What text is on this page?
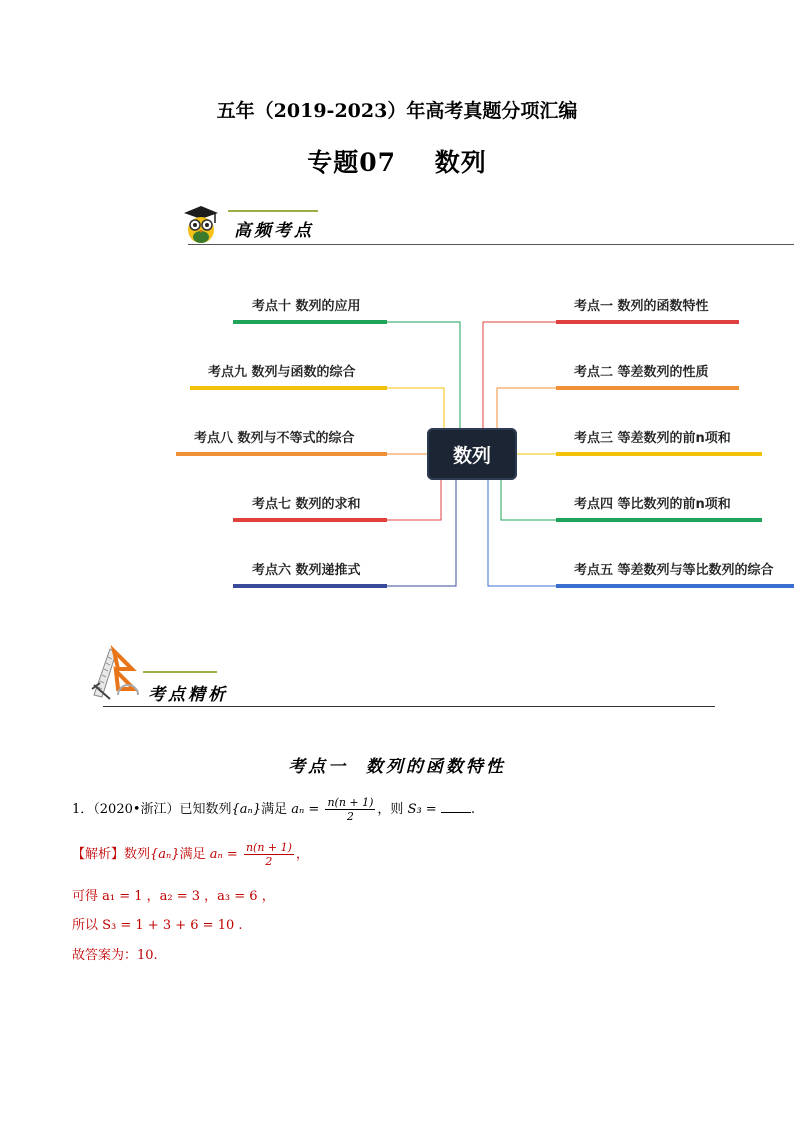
五年（2019-2023）年高考真题分项汇编
专题07    数列
高频考点
考点十 数列的应用
考点九 数列与函数的综合
考点八 数列与不等式的综合
考点七 数列的求和
考点六 数列递推式
数列
考点一 数列的函数特性
考点二 等差数列的性质
考点三 等差数列的前n项和
考点四 等比数列的前n项和
考点五 等差数列与等比数列的综合
考点精析
考点一  数列的函数特性
1．（2020•浙江）已知数列{aₙ}满足 $a_n = \frac{n(n + 1)}{2}$ ，则 S₃ =	.
【解析】数列{aₙ}满足 $a_n = \frac{n(n + 1)}{2}$ ，
可得 a₁ = 1 ，a₂ = 3 ，a₃ = 6 ，
所以 S₃ = 1 + 3 + 6 = 10 .
故答案为：10.
